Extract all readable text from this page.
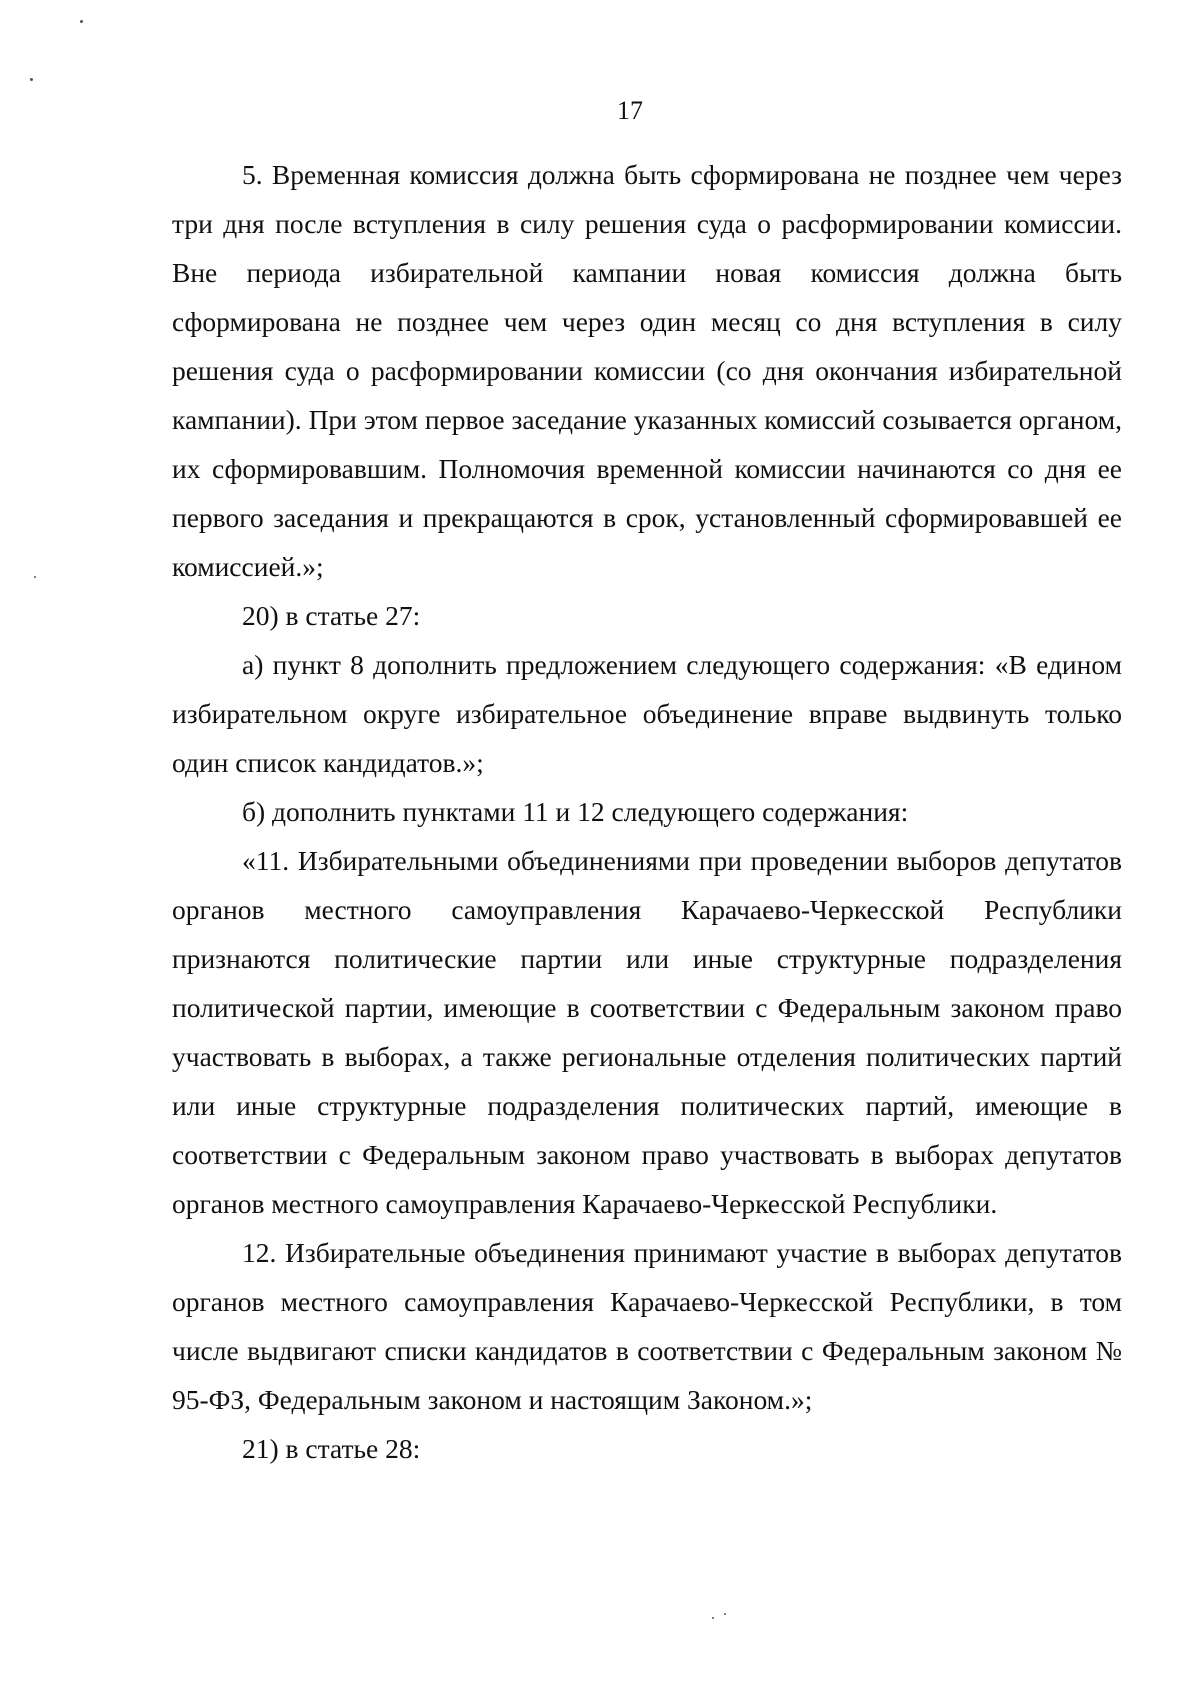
17

5. Временная комиссия должна быть сформирована не позднее чем через три дня после вступления в силу решения суда о расформировании комиссии. Вне периода избирательной кампании новая комиссия должна быть сформирована не позднее чем через один месяц со дня вступления в силу решения суда о расформировании комиссии (со дня окончания избирательной кампании). При этом первое заседание указанных комиссий созывается органом, их сформировавшим. Полномочия временной комиссии начинаются со дня ее первого заседания и прекращаются в срок, установленный сформировавшей ее комиссией.»;

20) в статье 27:

а) пункт 8 дополнить предложением следующего содержания: «В едином избирательном округе избирательное объединение вправе выдвинуть только один список кандидатов.»;

б) дополнить пунктами 11 и 12 следующего содержания:

«11. Избирательными объединениями при проведении выборов депутатов органов местного самоуправления Карачаево-Черкесской Республики признаются политические партии или иные структурные подразделения политической партии, имеющие в соответствии с Федеральным законом право участвовать в выборах, а также региональные отделения политических партий или иные структурные подразделения политических партий, имеющие в соответствии с Федеральным законом право участвовать в выборах депутатов органов местного самоуправления Карачаево-Черкесской Республики.

12. Избирательные объединения принимают участие в выборах депутатов органов местного самоуправления Карачаево-Черкесской Республики, в том числе выдвигают списки кандидатов в соответствии с Федеральным законом № 95-ФЗ, Федеральным законом и настоящим Законом.»;

21) в статье 28:
